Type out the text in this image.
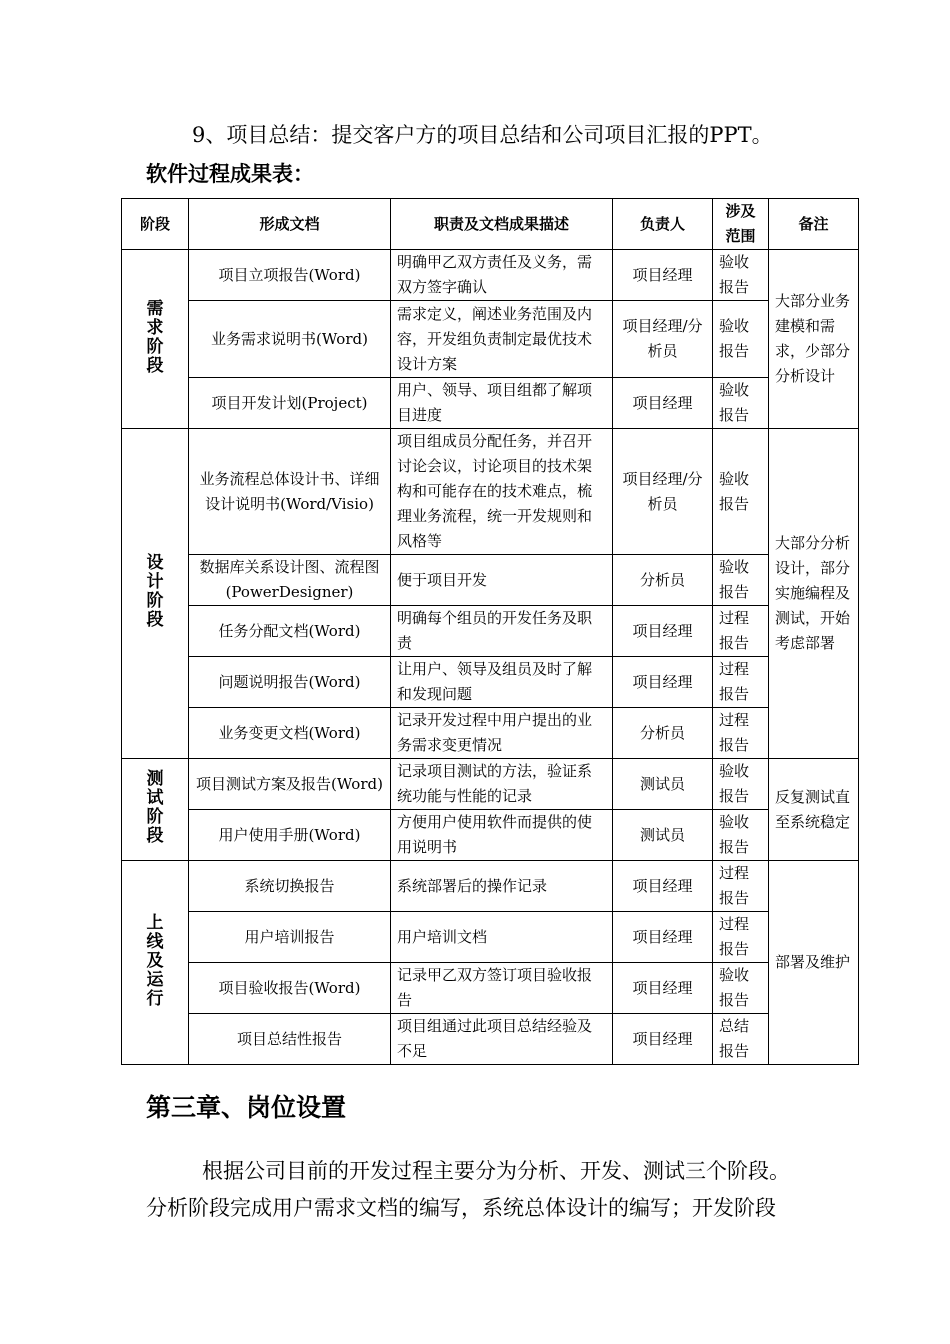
9、项目总结：提交客户方的项目总结和公司项目汇报的PPT。
软件过程成果表：
阶段	形成文档	职责及文档成果描述	负责人	涉及范围	备注
需求阶段	项目立项报告(Word)	明确甲乙双方责任及义务，需双方签字确认	项目经理	验收报告	大部分业务建模和需求，少部分分析设计
	业务需求说明书(Word)	需求定义，阐述业务范围及内容，开发组负责制定最优技术设计方案	项目经理/分析员	验收报告	
	项目开发计划(Project)	用户、领导、项目组都了解项目进度	项目经理	验收报告	
设计阶段	业务流程总体设计书、详细设计说明书(Word/Visio)	项目组成员分配任务，并召开讨论会议，讨论项目的技术架构和可能存在的技术难点，梳理业务流程，统一开发规则和风格等	项目经理/分析员	验收报告	大部分分析设计，部分实施编程及测试，开始考虑部署
	数据库关系设计图、流程图(PowerDesigner)	便于项目开发	分析员	验收报告	
	任务分配文档(Word)	明确每个组员的开发任务及职责	项目经理	过程报告	
	问题说明报告(Word)	让用户、领导及组员及时了解和发现问题	项目经理	过程报告	
	业务变更文档(Word)	记录开发过程中用户提出的业务需求变更情况	分析员	过程报告	
测试阶段	项目测试方案及报告(Word)	记录项目测试的方法，验证系统功能与性能的记录	测试员	验收报告	反复测试直至系统稳定
	用户使用手册(Word)	方便用户使用软件而提供的使用说明书	测试员	验收报告	
上线及运行	系统切换报告	系统部署后的操作记录	项目经理	过程报告	部署及维护
	用户培训报告	用户培训文档	项目经理	过程报告	
	项目验收报告(Word)	记录甲乙双方签订项目验收报告	项目经理	验收报告	
	项目总结性报告	项目组通过此项目总结经验及不足	项目经理	总结报告	
第三章、岗位设置
根据公司目前的开发过程主要分为分析、开发、测试三个阶段。
分析阶段完成用户需求文档的编写，系统总体设计的编写；开发阶段
